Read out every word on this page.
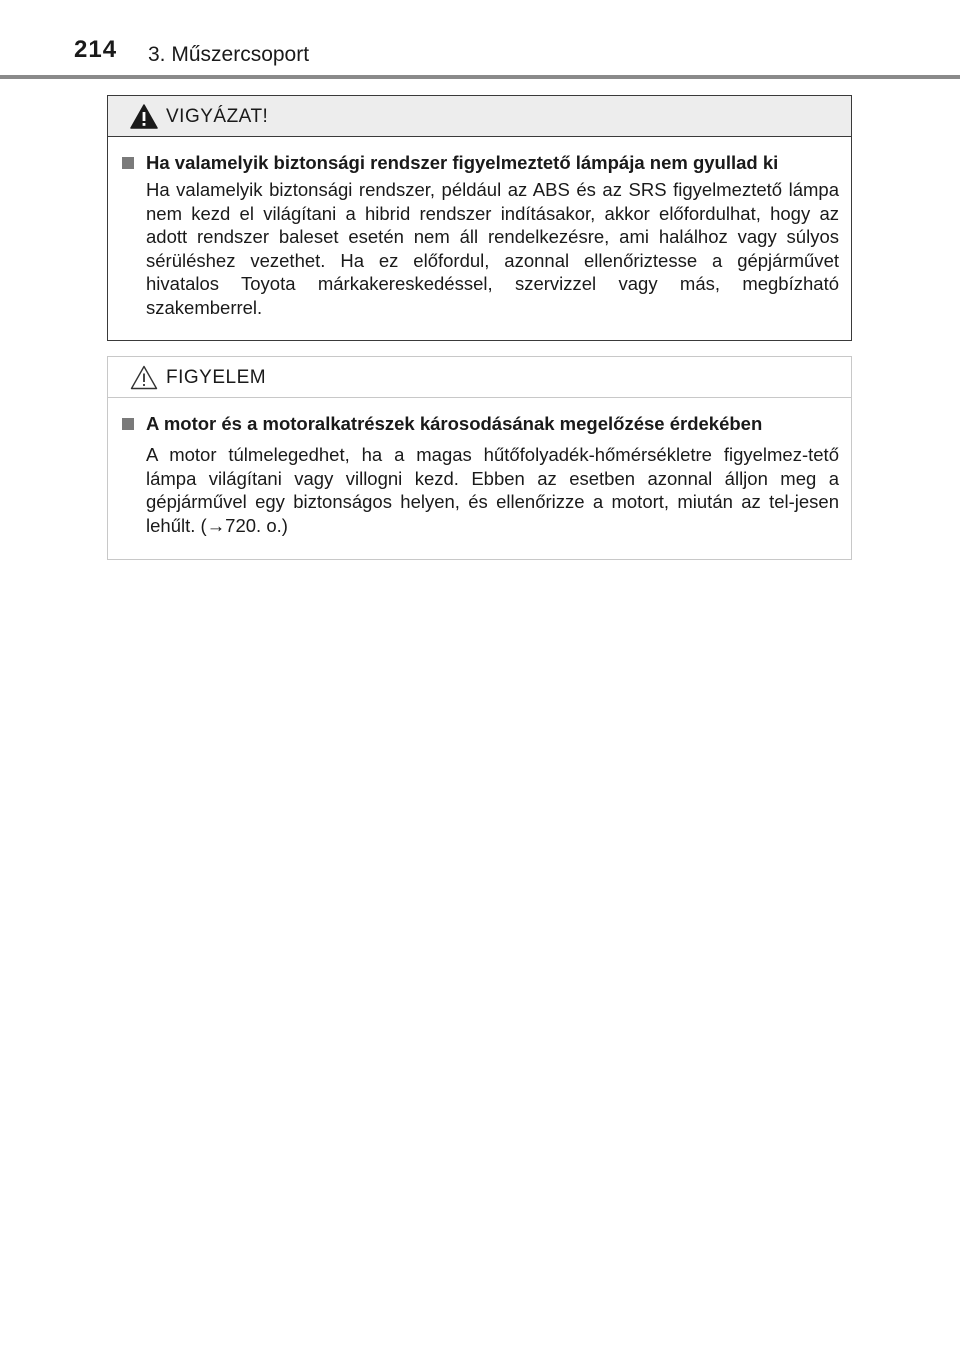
214 3. Műszercsoport
VIGYÁZAT!
Ha valamelyik biztonsági rendszer figyelmeztető lámpája nem gyullad ki
Ha valamelyik biztonsági rendszer, például az ABS és az SRS figyelmeztető lámpa nem kezd el világítani a hibrid rendszer indításakor, akkor előfordulhat, hogy az adott rendszer baleset esetén nem áll rendelkezésre, ami halálhoz vagy súlyos sérüléshez vezethet. Ha ez előfordul, azonnal ellenőriztesse a gépjárművet hivatalos Toyota márkakereskedéssel, szervizzel vagy más, megbízható szakemberrel.
FIGYELEM
A motor és a motoralkatrészek károsodásának megelőzése érdekében
A motor túlmelegedhet, ha a magas hűtőfolyadék-hőmérsékletre figyelmez-tető lámpa világítani vagy villogni kezd. Ebben az esetben azonnal álljon meg a gépjárművel egy biztonságos helyen, és ellenőrizze a motort, miután az tel-jesen lehűlt. (→720. o.)
